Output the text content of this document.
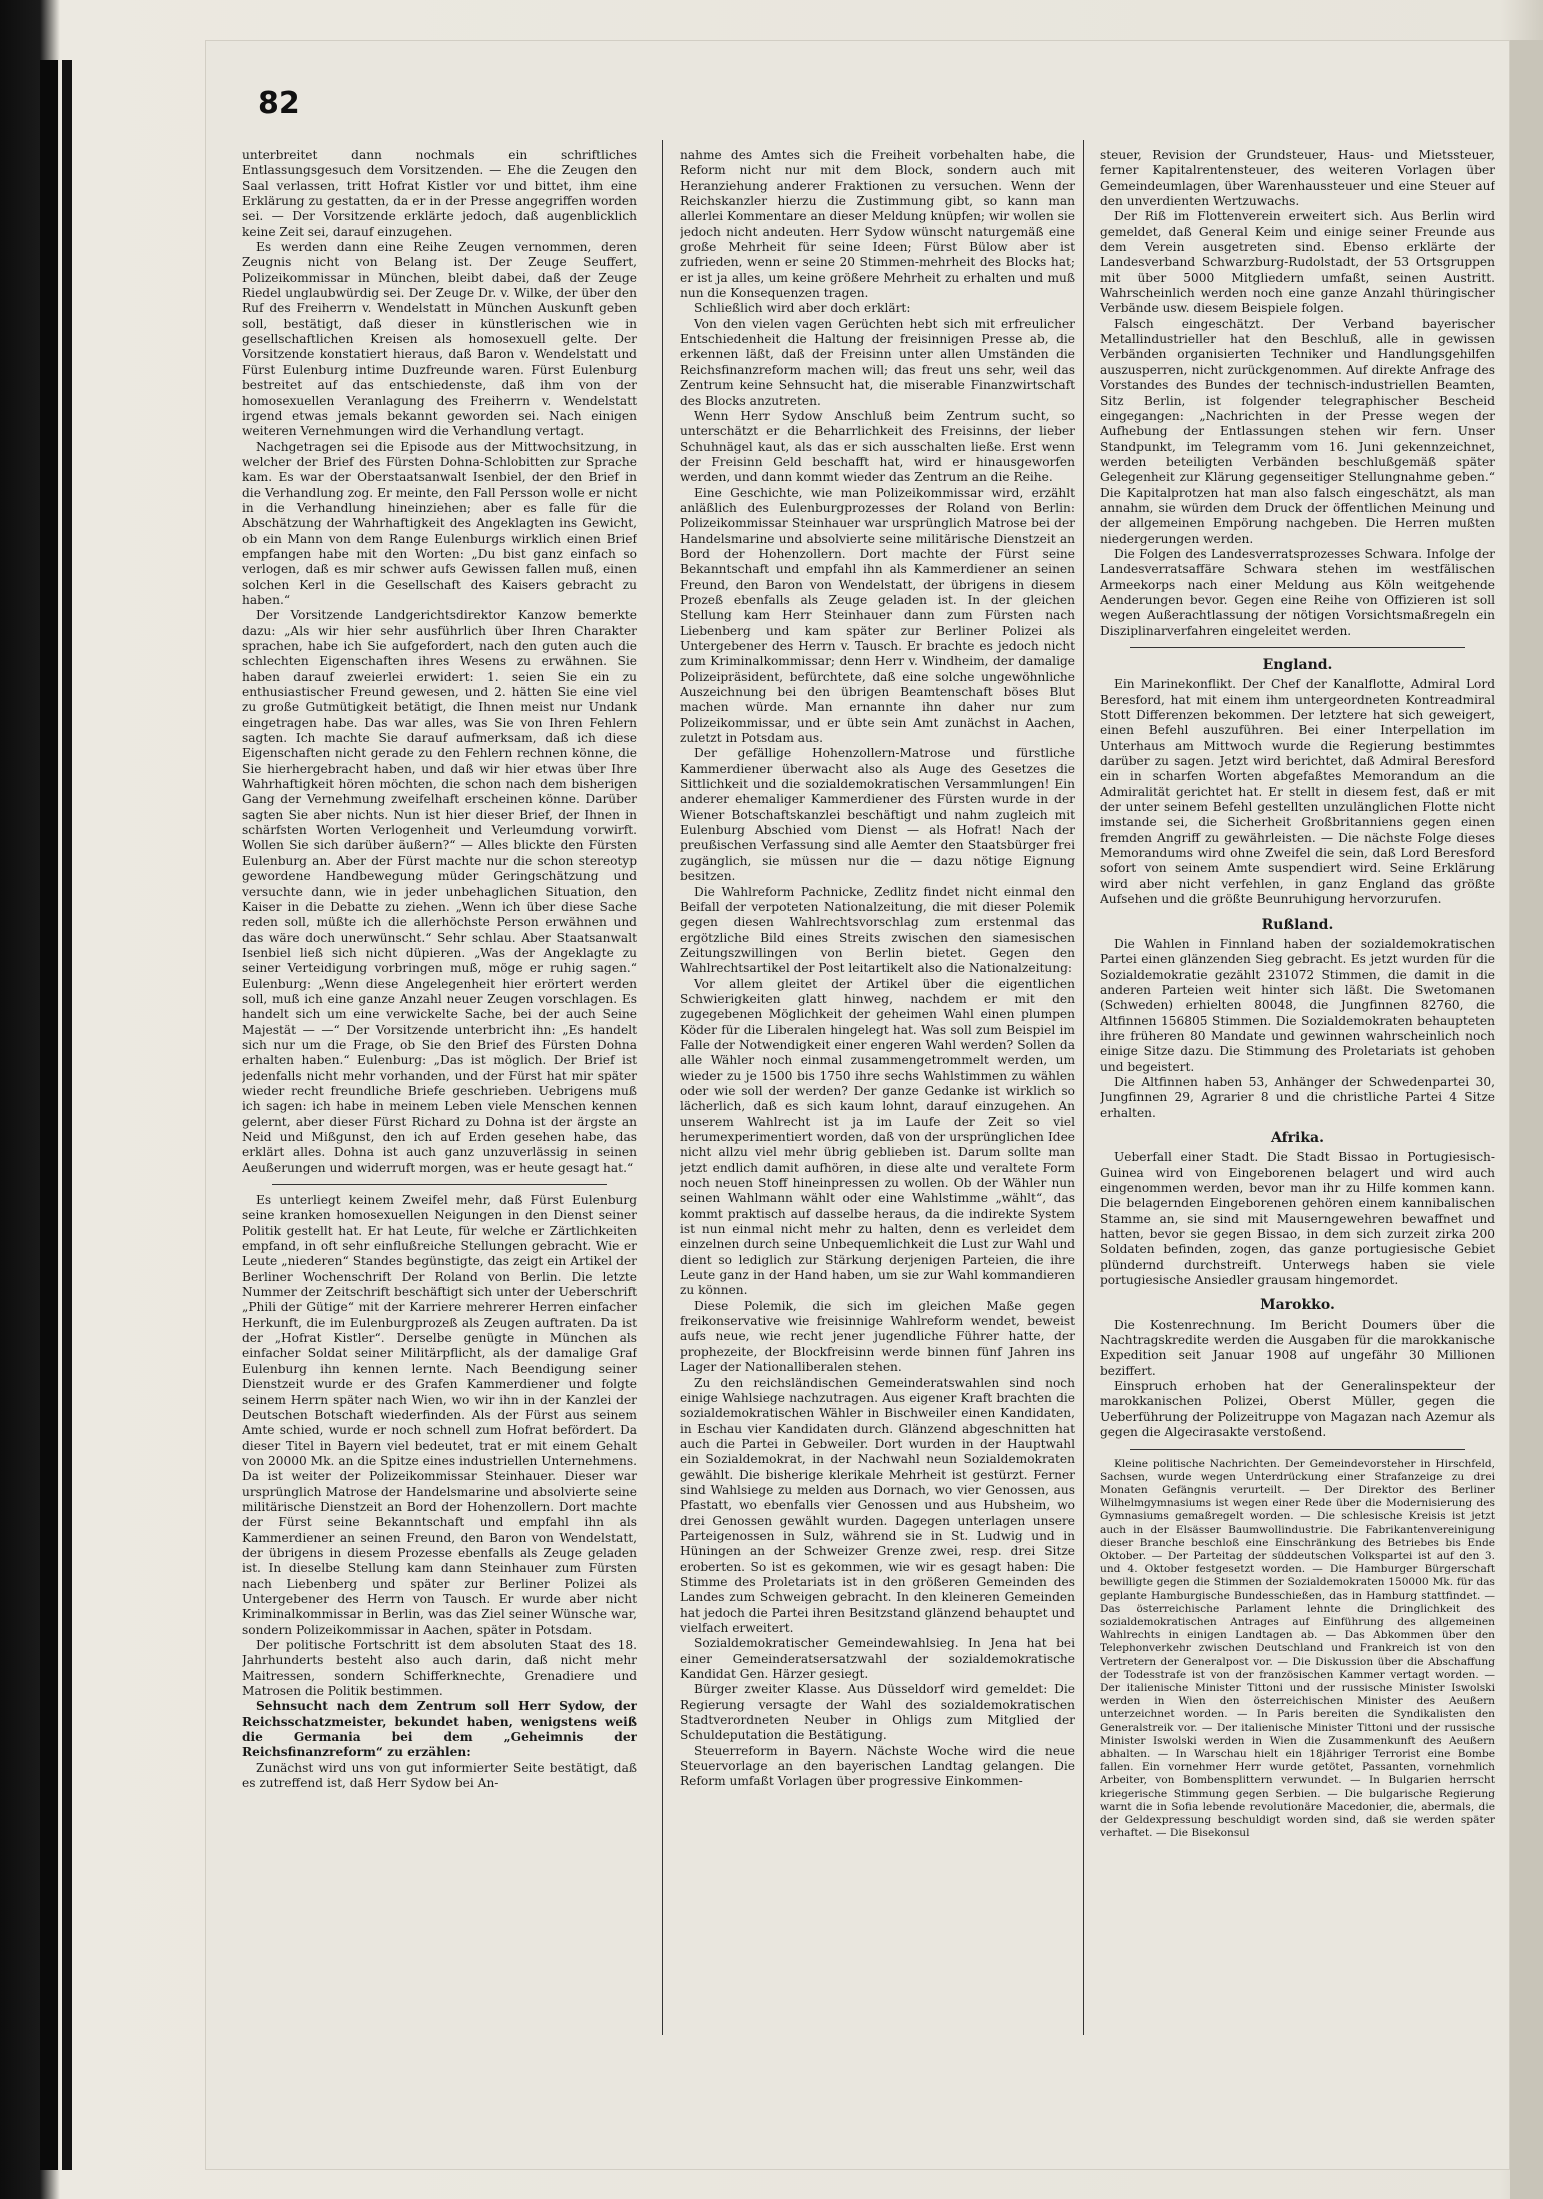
82

unterbreitet dann nochmals ein schriftliches Entlassungsgesuch dem Vorsitzenden. — Ehe die Zeugen den Saal verlassen, tritt Hofrat Kistler vor und bittet, ihm eine Erklärung zu gestatten, da er in der Presse angegriffen worden sei. — Der Vorsitzende erklärte jedoch, daß augenblicklich keine Zeit sei, darauf einzugehen.

Es werden dann eine Reihe Zeugen vernommen, deren Zeugnis nicht von Belang ist. Der Zeuge Seuffert, Polizeikommissar in München, bleibt dabei, daß der Zeuge Riedel unglaubwürdig sei. Der Zeuge Dr. v. Wilke, der über den Ruf des Freiherrn v. Wendelstatt in München Auskunft geben soll, bestätigt, daß dieser in künstlerischen wie in gesellschaftlichen Kreisen als homosexuell gelte. Der Vorsitzende konstatiert hieraus, daß Baron v. Wendelstatt und Fürst Eulenburg intime Duzfreunde waren. Fürst Eulenburg bestreitet auf das entschiedenste, daß ihm von der homosexuellen Veranlagung des Freiherrn v. Wendelstatt irgend etwas jemals bekannt geworden sei. Nach einigen weiteren Vernehmungen wird die Verhandlung vertagt.

Nachgetragen sei die Episode aus der Mittwochsitzung, in welcher der Brief des Fürsten Dohna-Schlobitten zur Sprache kam. Es war der Oberstaatsanwalt Isenbiel, der den Brief in die Verhandlung zog. Er meinte, den Fall Persson wolle er nicht in die Verhandlung hineinziehen; aber es falle für die Abschätzung der Wahrhaftigkeit des Angeklagten ins Gewicht, ob ein Mann von dem Range Eulenburgs wirklich einen Brief empfangen habe mit den Worten: „Du bist ganz einfach so verlogen, daß es mir schwer aufs Gewissen fallen muß, einen solchen Kerl in die Gesellschaft des Kaisers gebracht zu haben.“

Der Vorsitzende Landgerichtsdirektor Kanzow bemerkte dazu: „Als wir hier sehr ausführlich über Ihren Charakter sprachen, habe ich Sie aufgefordert, nach den guten auch die schlechten Eigenschaften ihres Wesens zu erwähnen. Sie haben darauf zweierlei erwidert: 1. seien Sie ein zu enthusiastischer Freund gewesen, und 2. hätten Sie eine viel zu große Gutmütigkeit betätigt, die Ihnen meist nur Undank eingetragen habe. Das war alles, was Sie von Ihren Fehlern sagten. Ich machte Sie darauf aufmerksam, daß ich diese Eigenschaften nicht gerade zu den Fehlern rechnen könne, die Sie hierhergebracht haben, und daß wir hier etwas über Ihre Wahrhaftigkeit hören möchten, die schon nach dem bisherigen Gang der Vernehmung zweifelhaft erscheinen könne. Darüber sagten Sie aber nichts. Nun ist hier dieser Brief, der Ihnen in schärfsten Worten Verlogenheit und Verleumdung vorwirft. Wollen Sie sich darüber äußern?“ — Alles blickte den Fürsten Eulenburg an. Aber der Fürst machte nur die schon stereotyp gewordene Handbewegung müder Geringschätzung und versuchte dann, wie in jeder unbehaglichen Situation, den Kaiser in die Debatte zu ziehen. „Wenn ich über diese Sache reden soll, müßte ich die allerhöchste Person erwähnen und das wäre doch unerwünscht.“ Sehr schlau. Aber Staatsanwalt Isenbiel ließ sich nicht düpieren. „Was der Angeklagte zu seiner Verteidigung vorbringen muß, möge er ruhig sagen.“ Eulenburg: „Wenn diese Angelegenheit hier erörtert werden soll, muß ich eine ganze Anzahl neuer Zeugen vorschlagen. Es handelt sich um eine verwickelte Sache, bei der auch Seine Majestät — —“ Der Vorsitzende unterbricht ihn: „Es handelt sich nur um die Frage, ob Sie den Brief des Fürsten Dohna erhalten haben.“ Eulenburg: „Das ist möglich. Der Brief ist jedenfalls nicht mehr vorhanden, und der Fürst hat mir später wieder recht freundliche Briefe geschrieben. Uebrigens muß ich sagen: ich habe in meinem Leben viele Menschen kennen gelernt, aber dieser Fürst Richard zu Dohna ist der ärgste an Neid und Mißgunst, den ich auf Erden gesehen habe, das erklärt alles. Dohna ist auch ganz unzuverlässig in seinen Aeußerungen und widerruft morgen, was er heute gesagt hat.“

Es unterliegt keinem Zweifel mehr, daß Fürst Eulenburg seine kranken homosexuellen Neigungen in den Dienst seiner Politik gestellt hat. Er hat Leute, für welche er Zärtlichkeiten empfand, in oft sehr einflußreiche Stellungen gebracht. Wie er Leute „niederen“ Standes begünstigte, das zeigt ein Artikel der Berliner Wochenschrift Der Roland von Berlin. Die letzte Nummer der Zeitschrift beschäftigt sich unter der Ueberschrift „Phili der Gütige“ mit der Karriere mehrerer Herren einfacher Herkunft, die im Eulenburgprozeß als Zeugen auftraten. Da ist der „Hofrat Kistler“. Derselbe genügte in München als einfacher Soldat seiner Militärpflicht, als der damalige Graf Eulenburg ihn kennen lernte. Nach Beendigung seiner Dienstzeit wurde er des Grafen Kammerdiener und folgte seinem Herrn später nach Wien, wo wir ihn in der Kanzlei der Deutschen Botschaft wiederfinden. Als der Fürst aus seinem Amte schied, wurde er noch schnell zum Hofrat befördert. Da dieser Titel in Bayern viel bedeutet, trat er mit einem Gehalt von 20000 Mk. an die Spitze eines industriellen Unternehmens. Da ist weiter der Polizeikommissar Steinhauer. Dieser war ursprünglich Matrose der Handelsmarine und absolvierte seine militärische Dienstzeit an Bord der Hohenzollern. Dort machte der Fürst seine Bekanntschaft und empfahl ihn als Kammerdiener an seinen Freund, den Baron von Wendelstatt, der übrigens in diesem Prozesse ebenfalls als Zeuge geladen ist. In dieselbe Stellung kam dann Steinhauer zum Fürsten nach Liebenberg und später zur Berliner Polizei als Untergebener des Herrn von Tausch. Er wurde aber nicht Kriminalkommissar in Berlin, was das Ziel seiner Wünsche war, sondern Polizeikommissar in Aachen, später in Potsdam.

Der politische Fortschritt ist dem absoluten Staat des 18. Jahrhunderts besteht also auch darin, daß nicht mehr Maitressen, sondern Schifferknechte, Grenadiere und Matrosen die Politik bestimmen.

Sehnsucht nach dem Zentrum soll Herr Sydow, der Reichsschatzmeister, bekundet haben, wenigstens weiß die Germania bei dem „Geheimnis der Reichsfinanzreform“ zu erzählen:

Zunächst wird uns von gut informierter Seite bestätigt, daß es zutreffend ist, daß Herr Sydow bei An-

nahme des Amtes sich die Freiheit vorbehalten habe, die Reform nicht nur mit dem Block, sondern auch mit Heranziehung anderer Fraktionen zu versuchen. Wenn der Reichskanzler hierzu die Zustimmung gibt, so kann man allerlei Kommentare an dieser Meldung knüpfen; wir wollen sie jedoch nicht andeuten. Herr Sydow wünscht naturgemäß eine große Mehrheit für seine Ideen; Fürst Bülow aber ist zufrieden, wenn er seine 20 Stimmen-mehrheit des Blocks hat; er ist ja alles, um keine größere Mehrheit zu erhalten und muß nun die Konsequenzen tragen.

Schließlich wird aber doch erklärt:

Von den vielen vagen Gerüchten hebt sich mit erfreulicher Entschiedenheit die Haltung der freisinnigen Presse ab, die erkennen läßt, daß der Freisinn unter allen Umständen die Reichsfinanzreform machen will; das freut uns sehr, weil das Zentrum keine Sehnsucht hat, die miserable Finanzwirtschaft des Blocks anzutreten.

Wenn Herr Sydow Anschluß beim Zentrum sucht, so unterschätzt er die Beharrlichkeit des Freisinns, der lieber Schuhnägel kaut, als das er sich ausschalten ließe. Erst wenn der Freisinn Geld beschafft hat, wird er hinausgeworfen werden, und dann kommt wieder das Zentrum an die Reihe.

Eine Geschichte, wie man Polizeikommissar wird, erzählt anläßlich des Eulenburgprozesses der Roland von Berlin: Polizeikommissar Steinhauer war ursprünglich Matrose bei der Handelsmarine und absolvierte seine militärische Dienstzeit an Bord der Hohenzollern. Dort machte der Fürst seine Bekanntschaft und empfahl ihn als Kammerdiener an seinen Freund, den Baron von Wendelstatt, der übrigens in diesem Prozeß ebenfalls als Zeuge geladen ist. In der gleichen Stellung kam Herr Steinhauer dann zum Fürsten nach Liebenberg und kam später zur Berliner Polizei als Untergebener des Herrn v. Tausch. Er brachte es jedoch nicht zum Kriminalkommissar; denn Herr v. Windheim, der damalige Polizeipräsident, befürchtete, daß eine solche ungewöhnliche Auszeichnung bei den übrigen Beamtenschaft böses Blut machen würde. Man ernannte ihn daher nur zum Polizeikommissar, und er übte sein Amt zunächst in Aachen, zuletzt in Potsdam aus.

Der gefällige Hohenzollern-Matrose und fürstliche Kammerdiener überwacht also als Auge des Gesetzes die Sittlichkeit und die sozialdemokratischen Versammlungen! Ein anderer ehemaliger Kammerdiener des Fürsten wurde in der Wiener Botschaftskanzlei beschäftigt und nahm zugleich mit Eulenburg Abschied vom Dienst — als Hofrat! Nach der preußischen Verfassung sind alle Aemter den Staatsbürger frei zugänglich, sie müssen nur die — dazu nötige Eignung besitzen.

Die Wahlreform Pachnicke, Zedlitz findet nicht einmal den Beifall der verpoteten Nationalzeitung, die mit dieser Polemik gegen diesen Wahlrechtsvorschlag zum erstenmal das ergötzliche Bild eines Streits zwischen den siamesischen Zeitungszwillingen von Berlin bietet. Gegen den Wahlrechtsartikel der Post leitartikelt also die Nationalzeitung:

Vor allem gleitet der Artikel über die eigentlichen Schwierigkeiten glatt hinweg, nachdem er mit den zugegebenen Möglichkeit der geheimen Wahl einen plumpen Köder für die Liberalen hingelegt hat. Was soll zum Beispiel im Falle der Notwendigkeit einer engeren Wahl werden? Sollen da alle Wähler noch einmal zusammengetrommelt werden, um wieder zu je 1500 bis 1750 ihre sechs Wahlstimmen zu wählen oder wie soll der werden? Der ganze Gedanke ist wirklich so lächerlich, daß es sich kaum lohnt, darauf einzugehen. An unserem Wahlrecht ist ja im Laufe der Zeit so viel herumexperimentiert worden, daß von der ursprünglichen Idee nicht allzu viel mehr übrig geblieben ist. Darum sollte man jetzt endlich damit aufhören, in diese alte und veraltete Form noch neuen Stoff hineinpressen zu wollen. Ob der Wähler nun seinen Wahlmann wählt oder eine Wahlstimme „wählt“, das kommt praktisch auf dasselbe heraus, da die indirekte System ist nun einmal nicht mehr zu halten, denn es verleidet dem einzelnen durch seine Unbequemlichkeit die Lust zur Wahl und dient so lediglich zur Stärkung derjenigen Parteien, die ihre Leute ganz in der Hand haben, um sie zur Wahl kommandieren zu können.

Diese Polemik, die sich im gleichen Maße gegen freikonservative wie freisinnige Wahlreform wendet, beweist aufs neue, wie recht jener jugendliche Führer hatte, der prophezeite, der Blockfreisinn werde binnen fünf Jahren ins Lager der Nationalliberalen stehen.

Zu den reichsländischen Gemeinderatswahlen sind noch einige Wahlsiege nachzutragen. Aus eigener Kraft brachten die sozialdemokratischen Wähler in Bischweiler einen Kandidaten, in Eschau vier Kandidaten durch. Glänzend abgeschnitten hat auch die Partei in Gebweiler. Dort wurden in der Hauptwahl ein Sozialdemokrat, in der Nachwahl neun Sozialdemokraten gewählt. Die bisherige klerikale Mehrheit ist gestürzt. Ferner sind Wahlsiege zu melden aus Dornach, wo vier Genossen, aus Pfastatt, wo ebenfalls vier Genossen und aus Hubsheim, wo drei Genossen gewählt wurden. Dagegen unterlagen unsere Parteigenossen in Sulz, während sie in St. Ludwig und in Hüningen an der Schweizer Grenze zwei, resp. drei Sitze eroberten. So ist es gekommen, wie wir es gesagt haben: Die Stimme des Proletariats ist in den größeren Gemeinden des Landes zum Schweigen gebracht. In den kleineren Gemeinden hat jedoch die Partei ihren Besitzstand glänzend behauptet und vielfach erweitert.

Sozialdemokratischer Gemeindewahlsieg. In Jena hat bei einer Gemeinderatsersatzwahl der sozialdemokratische Kandidat Gen. Härzer gesiegt.

Bürger zweiter Klasse. Aus Düsseldorf wird gemeldet: Die Regierung versagte der Wahl des sozialdemokratischen Stadtverordneten Neuber in Ohligs zum Mitglied der Schuldeputation die Bestätigung.

Steuerreform in Bayern. Nächste Woche wird die neue Steuervorlage an den bayerischen Landtag gelangen. Die Reform umfaßt Vorlagen über progressive Einkommen-

steuer, Revision der Grundsteuer, Haus- und Mietssteuer, ferner Kapitalrentensteuer, des weiteren Vorlagen über Gemeindeumlagen, über Warenhaussteuer und eine Steuer auf den unverdienten Wertzuwachs.

Der Riß im Flottenverein erweitert sich. Aus Berlin wird gemeldet, daß General Keim und einige seiner Freunde aus dem Verein ausgetreten sind. Ebenso erklärte der Landesverband Schwarzburg-Rudolstadt, der 53 Ortsgruppen mit über 5000 Mitgliedern umfaßt, seinen Austritt. Wahrscheinlich werden noch eine ganze Anzahl thüringischer Verbände usw. diesem Beispiele folgen.

Falsch eingeschätzt. Der Verband bayerischer Metallindustrieller hat den Beschluß, alle in gewissen Verbänden organisierten Techniker und Handlungsgehilfen auszusperren, nicht zurückgenommen. Auf direkte Anfrage des Vorstandes des Bundes der technisch-industriellen Beamten, Sitz Berlin, ist folgender telegraphischer Bescheid eingegangen: „Nachrichten in der Presse wegen der Aufhebung der Entlassungen stehen wir fern. Unser Standpunkt, im Telegramm vom 16. Juni gekennzeichnet, werden beteiligten Verbänden beschlußgemäß später Gelegenheit zur Klärung gegenseitiger Stellungnahme geben.“ Die Kapitalprotzen hat man also falsch eingeschätzt, als man annahm, sie würden dem Druck der öffentlichen Meinung und der allgemeinen Empörung nachgeben. Die Herren mußten niedergerungen werden.

Die Folgen des Landesverratsprozesses Schwara. Infolge der Landesverratsaffäre Schwara stehen im westfälischen Armeekorps nach einer Meldung aus Köln weitgehende Aenderungen bevor. Gegen eine Reihe von Offizieren ist soll wegen Außerachtlassung der nötigen Vorsichtsmaßregeln ein Disziplinarverfahren eingeleitet werden.

England.

Ein Marinekonflikt. Der Chef der Kanalflotte, Admiral Lord Beresford, hat mit einem ihm untergeordneten Kontreadmiral Stott Differenzen bekommen. Der letztere hat sich geweigert, einen Befehl auszuführen. Bei einer Interpellation im Unterhaus am Mittwoch wurde die Regierung bestimmtes darüber zu sagen. Jetzt wird berichtet, daß Admiral Beresford ein in scharfen Worten abgefaßtes Memorandum an die Admiralität gerichtet hat. Er stellt in diesem fest, daß er mit der unter seinem Befehl gestellten unzulänglichen Flotte nicht imstande sei, die Sicherheit Großbritanniens gegen einen fremden Angriff zu gewährleisten. — Die nächste Folge dieses Memorandums wird ohne Zweifel die sein, daß Lord Beresford sofort von seinem Amte suspendiert wird. Seine Erklärung wird aber nicht verfehlen, in ganz England das größte Aufsehen und die größte Beunruhigung hervorzurufen.

Rußland.

Die Wahlen in Finnland haben der sozialdemokratischen Partei einen glänzenden Sieg gebracht. Es jetzt wurden für die Sozialdemokratie gezählt 231072 Stimmen, die damit in die anderen Parteien weit hinter sich läßt. Die Swetomanen (Schweden) erhielten 80048, die Jungfinnen 82760, die Altfinnen 156805 Stimmen. Die Sozialdemokraten behaupteten ihre früheren 80 Mandate und gewinnen wahrscheinlich noch einige Sitze dazu. Die Stimmung des Proletariats ist gehoben und begeistert.

Die Altfinnen haben 53, Anhänger der Schwedenpartei 30, Jungfinnen 29, Agrarier 8 und die christliche Partei 4 Sitze erhalten.

Afrika.

Ueberfall einer Stadt. Die Stadt Bissao in Portugiesisch-Guinea wird von Eingeborenen belagert und wird auch eingenommen werden, bevor man ihr zu Hilfe kommen kann. Die belagernden Eingeborenen gehören einem kannibalischen Stamme an, sie sind mit Mauserngewehren bewaffnet und hatten, bevor sie gegen Bissao, in dem sich zurzeit zirka 200 Soldaten befinden, zogen, das ganze portugiesische Gebiet plündernd durchstreift. Unterwegs haben sie viele portugiesische Ansiedler grausam hingemordet.

Marokko.

Die Kostenrechnung. Im Bericht Doumers über die Nachtragskredite werden die Ausgaben für die marokkanische Expedition seit Januar 1908 auf ungefähr 30 Millionen beziffert.

Einspruch erhoben hat der Generalinspekteur der marokkanischen Polizei, Oberst Müller, gegen die Ueberführung der Polizeitruppe von Magazan nach Azemur als gegen die Algecirasakte verstoßend.

Kleine politische Nachrichten. Der Gemeindevorsteher in Hirschfeld, Sachsen, wurde wegen Unterdrückung einer Strafanzeige zu drei Monaten Gefängnis verurteilt. — Der Direktor des Berliner Wilhelmgymnasiums ist wegen einer Rede über die Modernisierung des Gymnasiums gemaßregelt worden. — Die schlesische Kreisis ist jetzt auch in der Elsässer Baumwollindustrie. Die Fabrikantenvereinigung dieser Branche beschloß eine Einschränkung des Betriebes bis Ende Oktober. — Der Parteitag der süddeutschen Volkspartei ist auf den 3. und 4. Oktober festgesetzt worden. — Die Hamburger Bürgerschaft bewilligte gegen die Stimmen der Sozialdemokraten 150000 Mk. für das geplante Hamburgische Bundesschießen, das in Hamburg stattfindet. — Das österreichische Parlament lehnte die Dringlichkeit des sozialdemokratischen Antrages auf Einführung des allgemeinen Wahlrechts in einigen Landtagen ab. — Das Abkommen über den Telephonverkehr zwischen Deutschland und Frankreich ist von den Vertretern der Generalpost vor. — Die Diskussion über die Abschaffung der Todesstrafe ist von der französischen Kammer vertagt worden. — Der italienische Minister Tittoni und der russische Minister Iswolski werden in Wien den österreichischen Minister des Aeußern unterzeichnet worden. — In Paris bereiten die Syndikalisten den Generalstreik vor. — Der italienische Minister Tittoni und der russische Minister Iswolski werden in Wien die Zusammenkunft des Aeußern abhalten. — In Warschau hielt ein 18jähriger Terrorist eine Bombe fallen. Ein vornehmer Herr wurde getötet, Passanten, vornehmlich Arbeiter, von Bombensplittern verwundet. — In Bulgarien herrscht kriegerische Stimmung gegen Serbien. — Die bulgarische Regierung warnt die in Sofia lebende revolutionäre Macedonier, die, abermals, die der Geldexpressung beschuldigt worden sind, daß sie werden später verhaftet. — Die Bisekonsul
